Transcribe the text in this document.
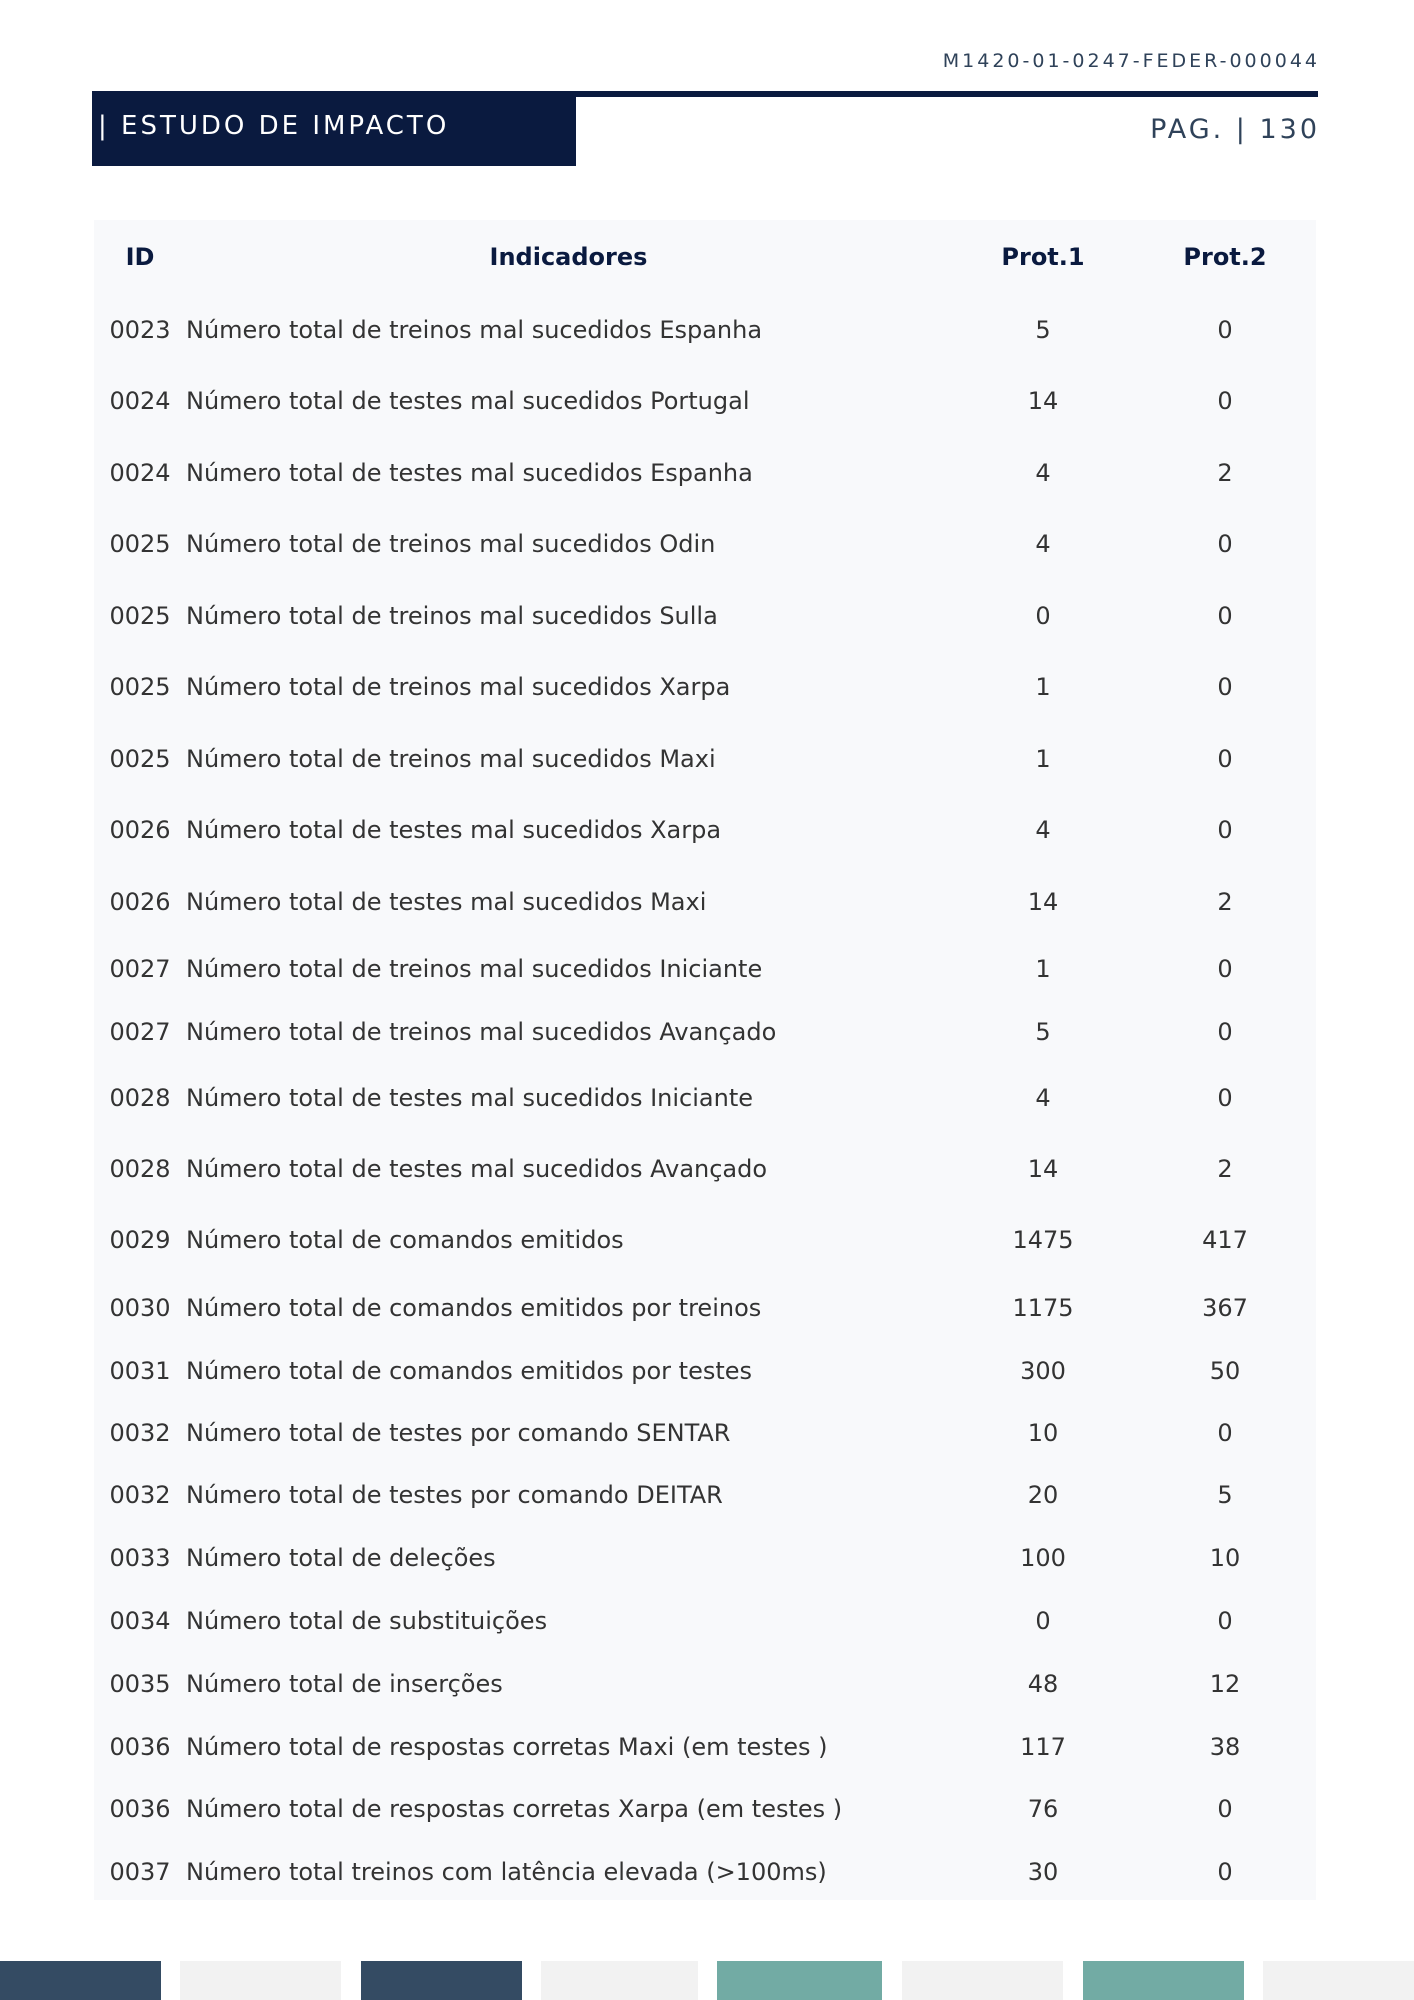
M1420-01-0247-FEDER-000044
| ESTUDO DE IMPACTO	PAG. | 130
ID	Indicadores	Prot.1	Prot.2
0023	Número total de treinos mal sucedidos Espanha	5	0
0024	Número total de testes mal sucedidos Portugal	14	0
0024	Número total de testes mal sucedidos Espanha	4	2
0025	Número total de treinos mal sucedidos Odin	4	0
0025	Número total de treinos mal sucedidos Sulla	0	0
0025	Número total de treinos mal sucedidos Xarpa	1	0
0025	Número total de treinos mal sucedidos Maxi	1	0
0026	Número total de testes mal sucedidos Xarpa	4	0
0026	Número total de testes mal sucedidos Maxi	14	2
0027	Número total de treinos mal sucedidos Iniciante	1	0
0027	Número total de treinos mal sucedidos Avançado	5	0
0028	Número total de testes mal sucedidos Iniciante	4	0
0028	Número total de testes mal sucedidos Avançado	14	2
0029	Número total de comandos emitidos	1475	417
0030	Número total de comandos emitidos por treinos	1175	367
0031	Número total de comandos emitidos por testes	300	50
0032	Número total de testes por comando SENTAR	10	0
0032	Número total de testes por comando DEITAR	20	5
0033	Número total de deleções	100	10
0034	Número total de substituições	0	0
0035	Número total de inserções	48	12
0036	Número total de respostas corretas Maxi (em testes )	117	38
0036	Número total de respostas corretas Xarpa (em testes )	76	0
0037	Número total treinos com latência elevada (>100ms)	30	0
